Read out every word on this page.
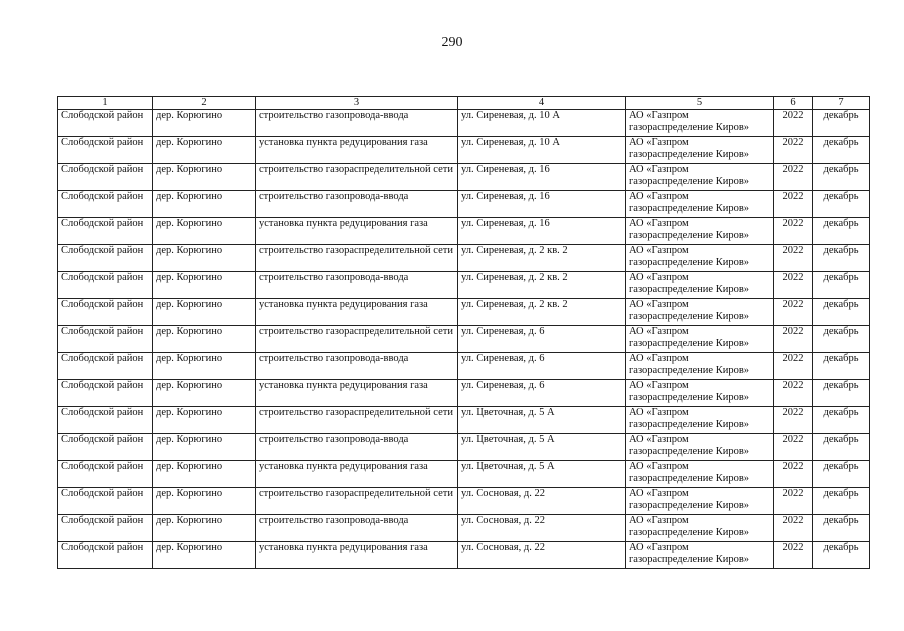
290
1	2	3	4	5	6	7
Слободской район	дер. Корюгино	строительство газопровода-ввода	ул. Сиреневая, д. 10 А	АО «Газпром газораспределение Киров»	2022	декабрь
Слободской район	дер. Корюгино	установка пункта редуцирования газа	ул. Сиреневая, д. 10 А	АО «Газпром газораспределение Киров»	2022	декабрь
Слободской район	дер. Корюгино	строительство газораспределительной сети	ул. Сиреневая, д. 16	АО «Газпром газораспределение Киров»	2022	декабрь
Слободской район	дер. Корюгино	строительство газопровода-ввода	ул. Сиреневая, д. 16	АО «Газпром газораспределение Киров»	2022	декабрь
Слободской район	дер. Корюгино	установка пункта редуцирования газа	ул. Сиреневая, д. 16	АО «Газпром газораспределение Киров»	2022	декабрь
Слободской район	дер. Корюгино	строительство газораспределительной сети	ул. Сиреневая, д. 2 кв. 2	АО «Газпром газораспределение Киров»	2022	декабрь
Слободской район	дер. Корюгино	строительство газопровода-ввода	ул. Сиреневая, д. 2 кв. 2	АО «Газпром газораспределение Киров»	2022	декабрь
Слободской район	дер. Корюгино	установка пункта редуцирования газа	ул. Сиреневая, д. 2 кв. 2	АО «Газпром газораспределение Киров»	2022	декабрь
Слободской район	дер. Корюгино	строительство газораспределительной сети	ул. Сиреневая, д. 6	АО «Газпром газораспределение Киров»	2022	декабрь
Слободской район	дер. Корюгино	строительство газопровода-ввода	ул. Сиреневая, д. 6	АО «Газпром газораспределение Киров»	2022	декабрь
Слободской район	дер. Корюгино	установка пункта редуцирования газа	ул. Сиреневая, д. 6	АО «Газпром газораспределение Киров»	2022	декабрь
Слободской район	дер. Корюгино	строительство газораспределительной сети	ул. Цветочная, д. 5 А	АО «Газпром газораспределение Киров»	2022	декабрь
Слободской район	дер. Корюгино	строительство газопровода-ввода	ул. Цветочная, д. 5 А	АО «Газпром газораспределение Киров»	2022	декабрь
Слободской район	дер. Корюгино	установка пункта редуцирования газа	ул. Цветочная, д. 5 А	АО «Газпром газораспределение Киров»	2022	декабрь
Слободской район	дер. Корюгино	строительство газораспределительной сети	ул. Сосновая, д. 22	АО «Газпром газораспределение Киров»	2022	декабрь
Слободской район	дер. Корюгино	строительство газопровода-ввода	ул. Сосновая, д. 22	АО «Газпром газораспределение Киров»	2022	декабрь
Слободской район	дер. Корюгино	установка пункта редуцирования газа	ул. Сосновая, д. 22	АО «Газпром газораспределение Киров»	2022	декабрь
